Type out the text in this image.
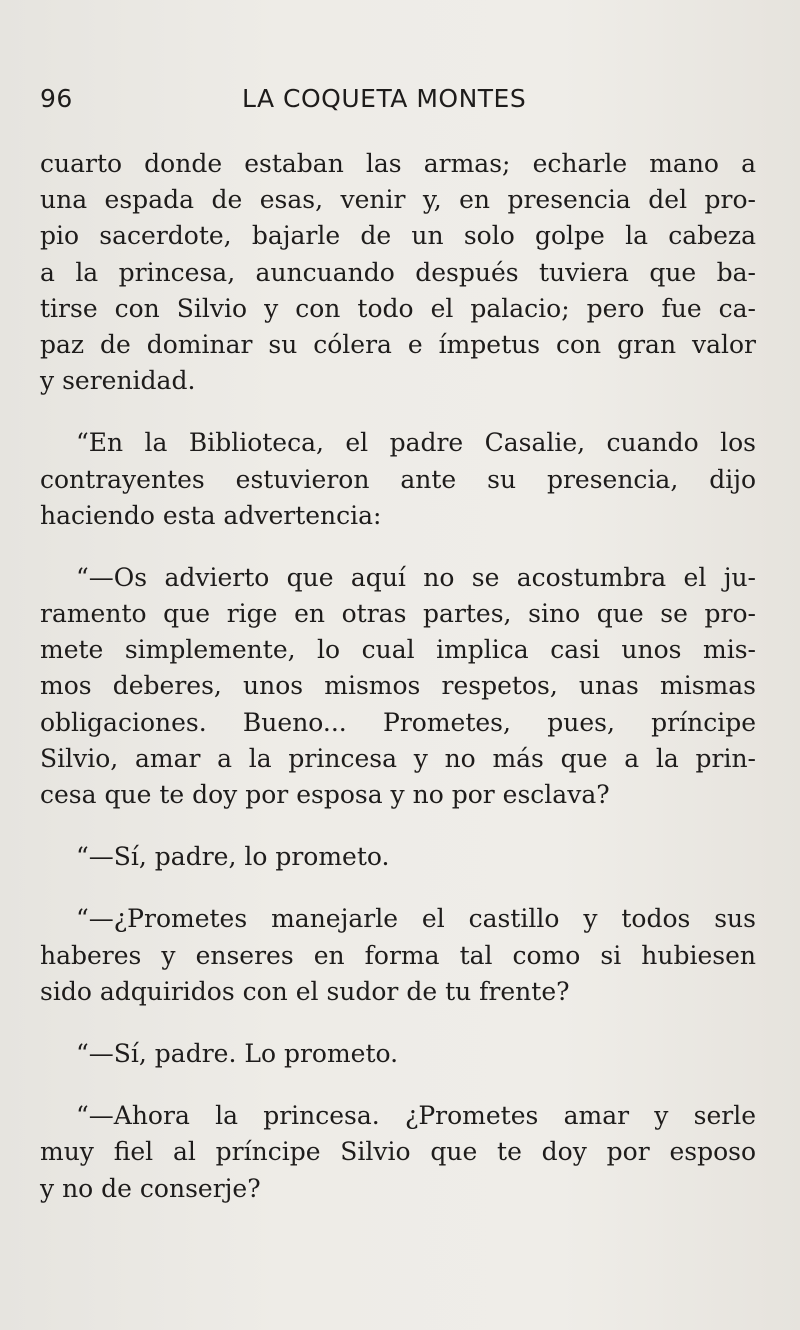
96	LA COQUETA MONTES
cuarto donde estaban las armas; echarle mano a
una espada de esas, venir y, en presencia del pro-
pio sacerdote, bajarle de un solo golpe la cabeza
a la princesa, auncuando después tuviera que ba-
tirse con Silvio y con todo el palacio; pero fue ca-
paz de dominar su cólera e ímpetus con gran valor
y serenidad.
“En la Biblioteca, el padre Casalie, cuando los
contrayentes estuvieron ante su presencia, dijo
haciendo esta advertencia:
“—Os advierto que aquí no se acostumbra el ju-
ramento que rige en otras partes, sino que se pro-
mete simplemente, lo cual implica casi unos mis-
mos deberes, unos mismos respetos, unas mismas
obligaciones. Bueno... Prometes, pues, príncipe
Silvio, amar a la princesa y no más que a la prin-
cesa que te doy por esposa y no por esclava?
“—Sí, padre, lo prometo.
“—¿Prometes manejarle el castillo y todos sus
haberes y enseres en forma tal como si hubiesen
sido adquiridos con el sudor de tu frente?
“—Sí, padre. Lo prometo.
“—Ahora la princesa. ¿Prometes amar y serle
muy fiel al príncipe Silvio que te doy por esposo
y no de conserje?
